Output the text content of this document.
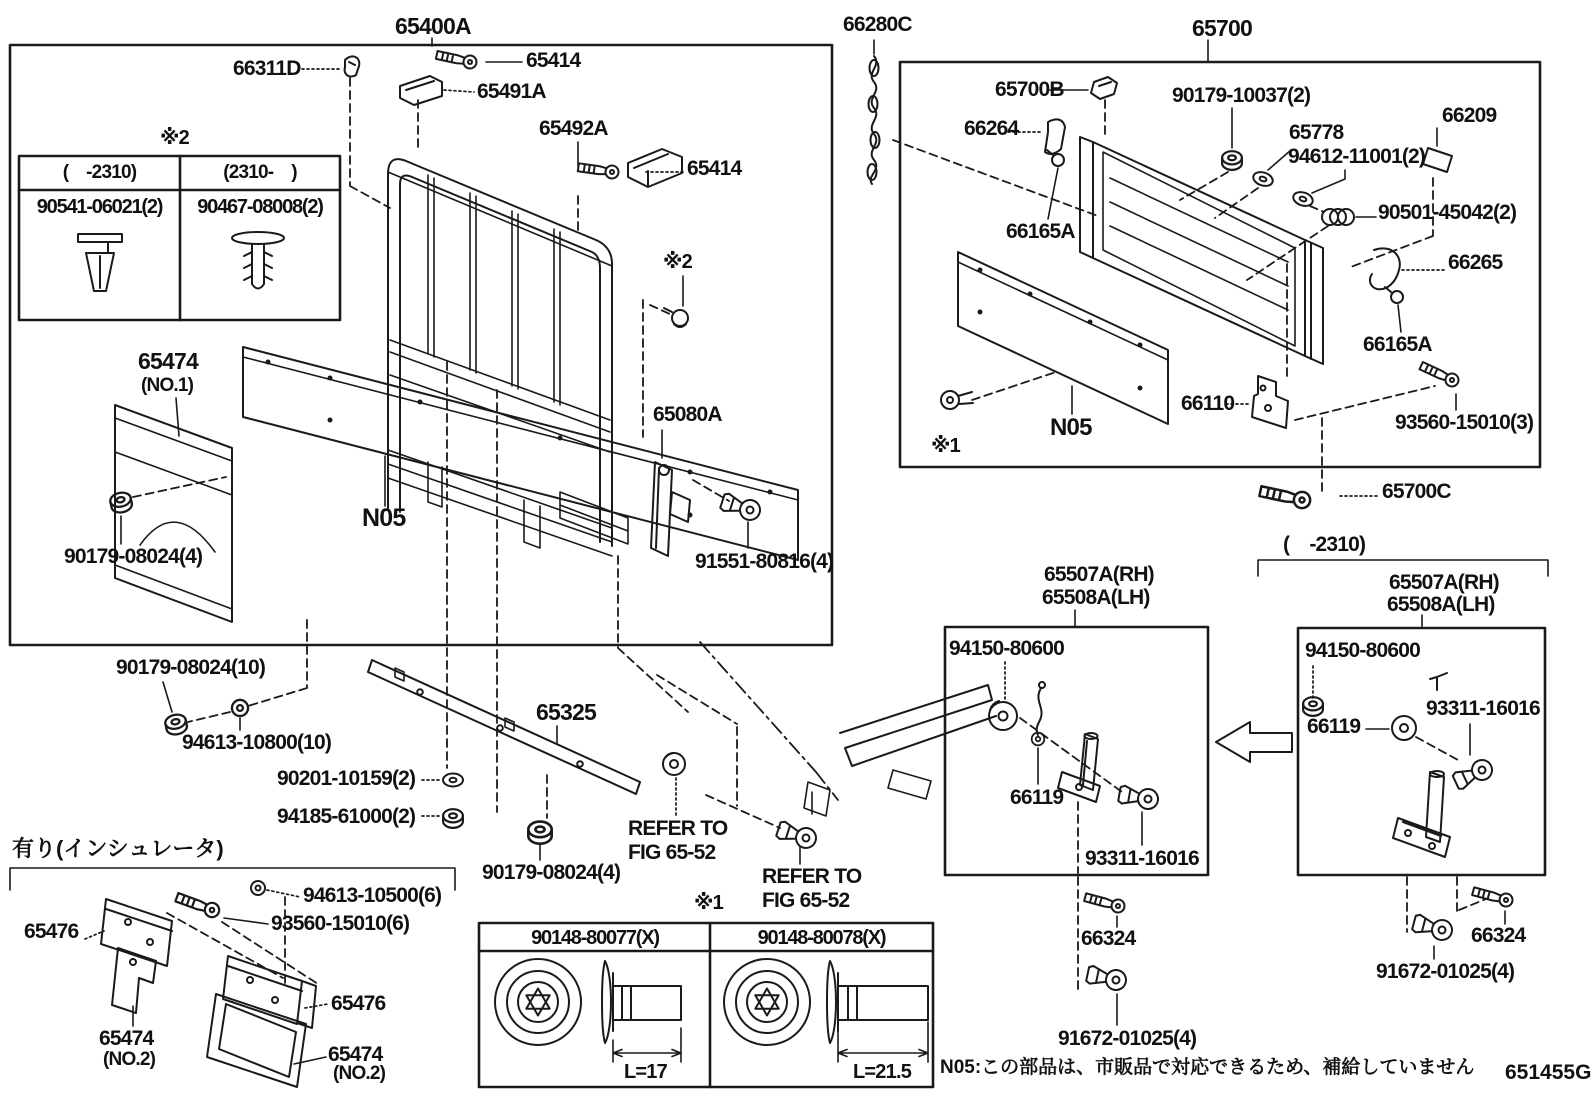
65400A
66311D	65414
65491A
65492A
65414
※2
(    -2310)	(2310-    )
90541-06021(2)	90467-08008(2)
65474
(NO.1)
90179-08024(4)
N05
※2
65080A
91551-80816(4)
66280C	65700
65700B	90179-10037(2)
66264	65778
94612-11001(2)
66209
90501-45042(2)
66165A
66265
66165A
66110
N05
※1
93560-15010(3)
65700C
90179-08024(10)
94613-10800(10)
90201-10159(2)
94185-61000(2)
65325
90179-08024(4)
REFER TO
FIG 65-52
REFER TO
FIG 65-52
65507A(RH)
65508A(LH)
(    -2310)
65507A(RH)
65508A(LH)
94150-80600
66119
93311-16016
94150-80600
66119
93311-16016
66324
91672-01025(4)
66324
91672-01025(4)
有り(インシュレータ)
94613-10500(6)
93560-15010(6)
65476
65476
65474
(NO.2)	65474
(NO.2)
※1
90148-80077(X)	90148-80078(X)
L=17	L=21.5 N05:この部品は、市販品で対応できるため、補給していません 651455G
